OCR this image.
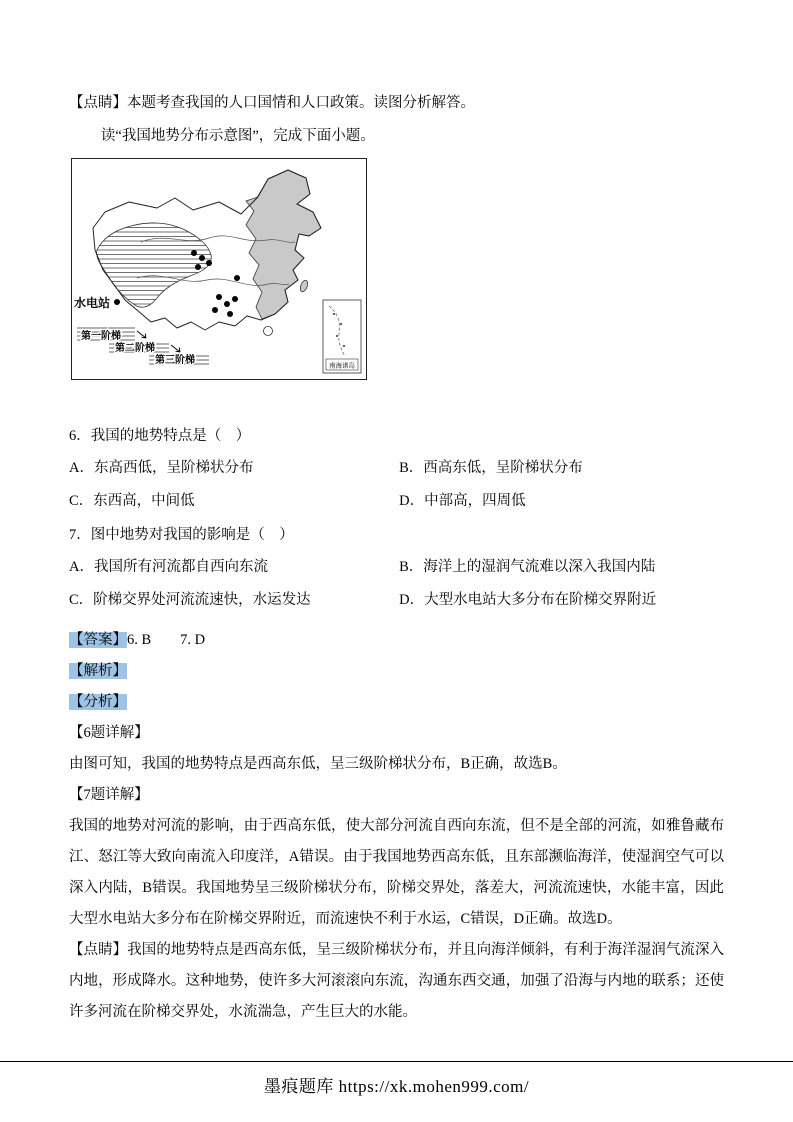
【点睛】本题考查我国的人口国情和人口政策。读图分析解答。

读“我国地势分布示意图”，完成下面小题。

水电站
第一阶梯
第二阶梯
第三阶梯	南海诸岛

6．我国的地势特点是（　）

A．东高西低，呈阶梯状分布	B．西高东低，呈阶梯状分布
C．东西高，中间低	D．中部高，四周低

7．图中地势对我国的影响是（　）

A．我国所有河流都自西向东流	B．海洋上的湿润气流难以深入我国内陆
C．阶梯交界处河流流速快，水运发达	D．大型水电站大多分布在阶梯交界附近

【答案】6. B　　7. D

【解析】

【分析】

【6题详解】

由图可知，我国的地势特点是西高东低，呈三级阶梯状分布，B正确，故选B。

【7题详解】

我国的地势对河流的影响，由于西高东低，使大部分河流自西向东流，但不是全部的河流，如雅鲁藏布江、怒江等大致向南流入印度洋，A错误。由于我国地势西高东低，且东部濒临海洋，使湿润空气可以深入内陆，B错误。我国地势呈三级阶梯状分布，阶梯交界处，落差大，河流流速快，水能丰富，因此大型水电站大多分布在阶梯交界附近，而流速快不利于水运，C错误，D正确。故选D。

【点睛】我国的地势特点是西高东低，呈三级阶梯状分布，并且向海洋倾斜，有利于海洋湿润气流深入内地，形成降水。这种地势，使许多大河滚滚向东流，沟通东西交通，加强了沿海与内地的联系；还使许多河流在阶梯交界处，水流湍急，产生巨大的水能。

墨痕题库 https://xk.mohen999.com/
